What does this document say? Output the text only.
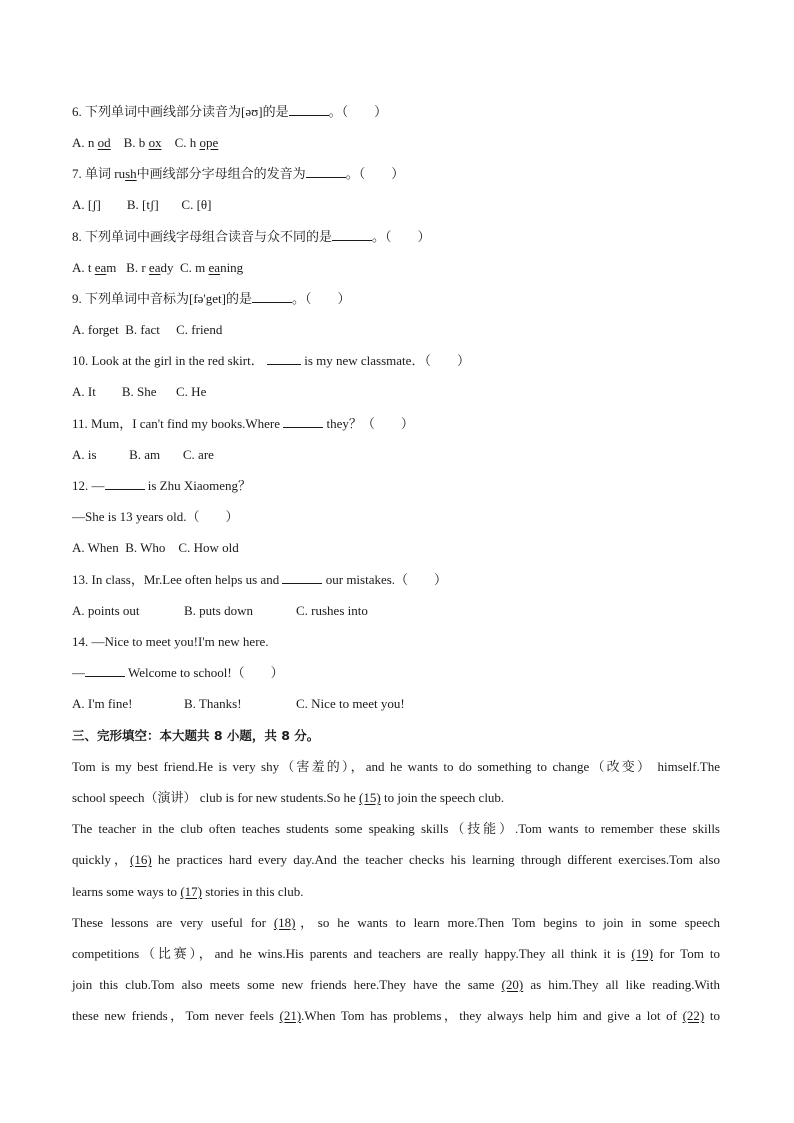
6. 下列单词中画线部分读音为[əʊ]的是	。（　　）
A. n od B. b ox C. h ope
7. 单词 rush中画线部分字母组合的发音为	。（　　）
A. [ʃ] B. [tʃ] C. [θ]
8. 下列单词中画线字母组合读音与众不同的是	。（　　）
A. t eam B. r eady C. m eaning
9. 下列单词中音标为[fə'get]的是	。（　　）
A. forget B. fact C. friend
10. Look at the girl in the red skirt．	is my new classmate．（　　）
A. It B. She C. He
11. Mum，I can't find my books.Where	they？（　　）
A. is	B. am C. are
12. —	is Zhu Xiaomeng？
—She is 13 years old.（　　）
A. When B. Who C. How old
13. In class，Mr.Lee often helps us and	our mistakes.（　　）
A. points out	B. puts down	C. rushes into
14. —Nice to meet you!I'm new here.
—	Welcome to school!（　　）
A. I'm fine!	B. Thanks!	C. Nice to meet you!
三、完形填空：本大题共 8 小题，共 8 分。
Tom is my best friend.He is very shy（害羞的），and he wants to do something to change（改变） himself.The
school speech（演讲） club is for new students.So he (15) to join the speech club.
The teacher in the club often teaches students some speaking skills（技能）.Tom wants to remember these skills
quickly，(16) he practices hard every day.And the teacher checks his learning through different exercises.Tom also
learns some ways to (17) stories in this club.
These lessons are very useful for (18)，so he wants to learn more.Then Tom begins to join in some speech
competitions（比赛），and he wins.His parents and teachers are really happy.They all think it is (19) for Tom to
join this club.Tom also meets some new friends here.They have the same (20) as him.They all like reading.With
these new friends，Tom never feels (21).When Tom has problems，they always help him and give a lot of (22) to
